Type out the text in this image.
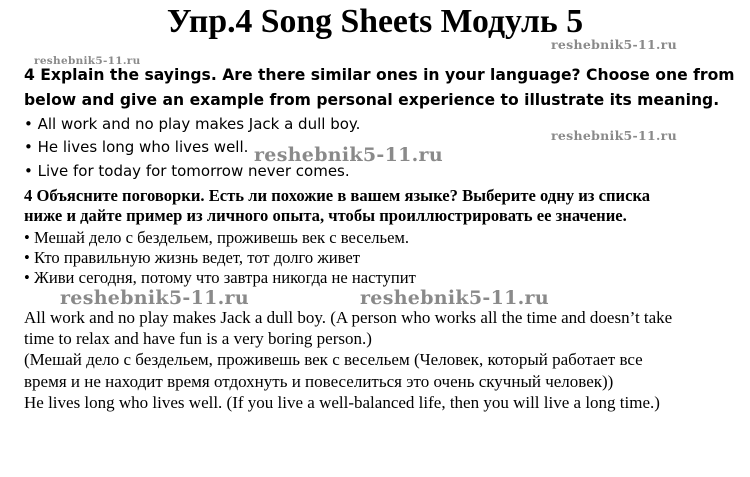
Упр.4 Song Sheets Модуль 5
reshebnik5-11.ru
reshebnik5-11.ru
reshebnik5-11.ru
reshebnik5-11.ru
reshebnik5-11.ru	reshebnik5-11.ru
4 Explain the sayings. Are there similar ones in your language? Choose one from
below and give an example from personal experience to illustrate its meaning.
• All work and no play makes Jack a dull boy.
• He lives long who lives well.
• Live for today for tomorrow never comes.
4 Объясните поговорки. Есть ли похожие в вашем языке? Выберите одну из списка
ниже и дайте пример из личного опыта, чтобы проиллюстрировать ее значение.
• Мешай дело с бездельем, проживешь век с весельем.
• Кто правильную жизнь ведет, тот долго живет
• Живи сегодня, потому что завтра никогда не наступит
All work and no play makes Jack a dull boy. (A person who works all the time and doesn’t take
time to relax and have fun is a very boring person.)
(Мешай дело с бездельем, проживешь век с весельем (Человек, который работает все
время и не находит время отдохнуть и повеселиться это очень скучный человек))
He lives long who lives well. (If you live a well-balanced life, then you will live a long time.)
